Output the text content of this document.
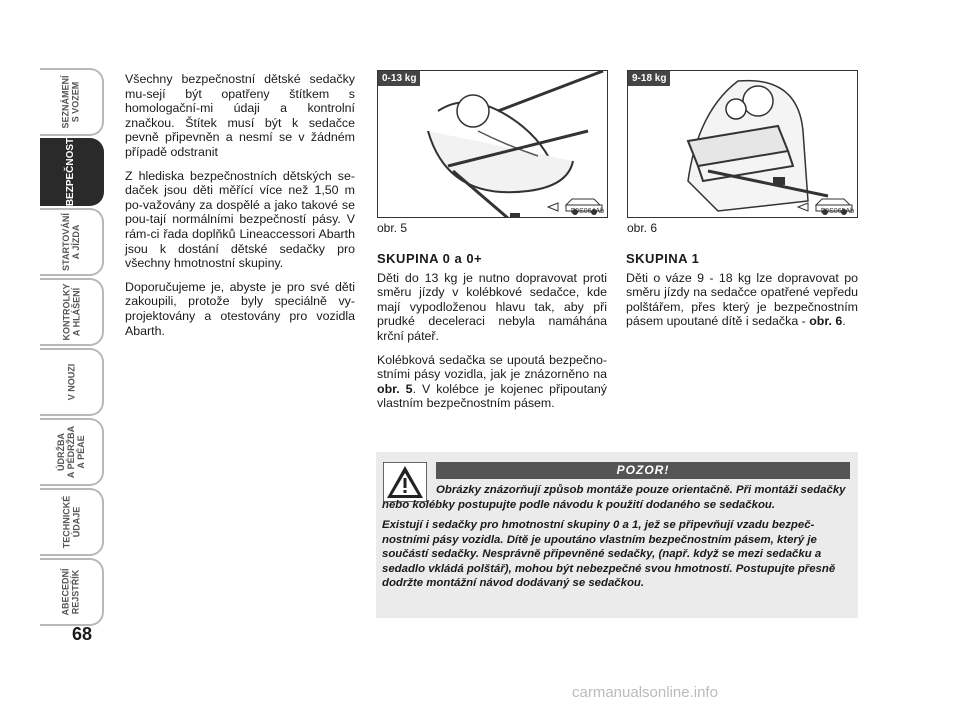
SEZNÁMENÍ
S VOZEM
BEZPEČNOST
STARTOVÁNÍ
A JÍZDA
KONTROLKY
A HLÁŠENÍ
V NOUZI
ÚDRŽBA
A PÉDRŽBA
A PÉAE
TECHNICKÉ
ÚDAJE
ABECEDNÍ
REJSTŘÍK
68

Všechny bezpečnostní dětské sedačky mu-sejí být opatřeny štítkem s homologační-mi údaji a kontrolní značkou. Štítek musí být k sedačce pevně připevněn a nesmí se v žádném případě odstranit

Z hlediska bezpečnostních dětských se-daček jsou děti měřící více než 1,50 m po-važovány za dospělé a jako takové se pou-tají normálními bezpečností pásy. V rám-ci řada doplňků Lineaccessori Abarth jsou k dostání dětské sedačky pro všechny hmotnostní skupiny.

Doporučujeme je, abyste je pro své děti zakoupili, protože byly speciálně vy-projektovány a otestovány pro vozidla Abarth.

0-13 kg
F0S064Ab
obr. 5
9-18 kg
F0S065Ab
obr. 6
SKUPINA 0 a 0+

Děti do 13 kg je nutno dopravovat proti směru jízdy v kolébkové sedačce, kde mají vypodloženou hlavu tak, aby při prudké deceleraci nebyla namáhána krční páteř.

Kolébková sedačka se upoutá bezpečno-stními pásy vozidla, jak je znázorněno na obr. 5. V kolébce je kojenec připoutaný vlastním bezpečnostním pásem.

SKUPINA 1

Děti o váze 9 - 18 kg lze dopravovat po směru jízdy na sedačce opatřené vepředu polštářem, přes který je bezpečnostním pásem upoutané dítě i sedačka - obr. 6.

POZOR!

Obrázky znázorňují způsob montáže pouze orientačně. Při montáži sedačky nebo kolébky postupujte podle návodu k použití dodaného se sedačkou.

Existují i sedačky pro hmotnostní skupiny 0 a 1, jež se připevňují vzadu bezpeč-nostními pásy vozidla. Dítě je upoutáno vlastním bezpečnostním pásem, který je součástí sedačky. Nesprávně připevněné sedačky, (např. když se mezi sedačku a sedadlo vkládá polštář), mohou být nebezpečné svou hmotností. Postupujte přesně dodržte montážní návod dodávaný se sedačkou.

carmanualsonline.info
